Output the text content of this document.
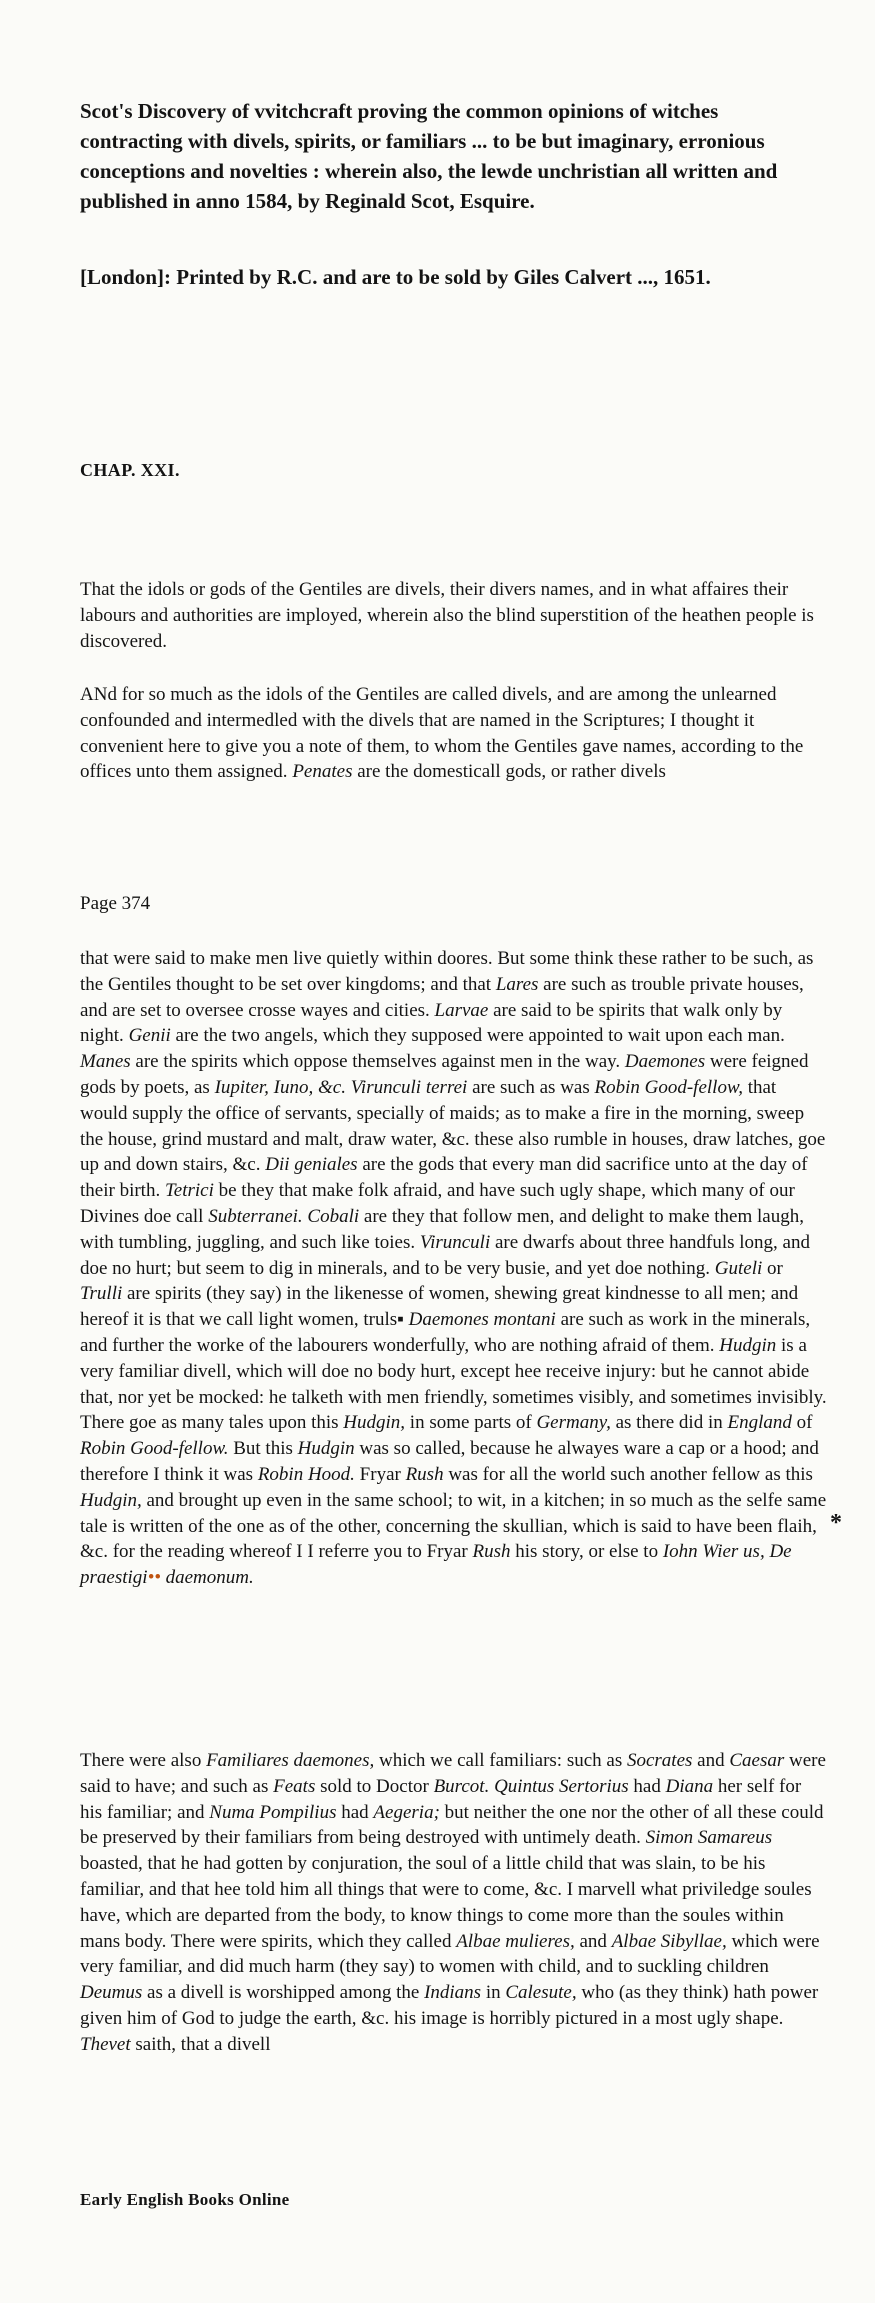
Scot's Discovery of vvitchcraft proving the common opinions of witches contracting with divels, spirits, or familiars ... to be but imaginary, erronious conceptions and novelties : wherein also, the lewde unchristian all written and published in anno 1584, by Reginald Scot, Esquire.
[London]: Printed by R.C. and are to be sold by Giles Calvert ..., 1651.
CHAP. XXI.
That the idols or gods of the Gentiles are divels, their divers names, and in what affaires their labours and authorities are imployed, wherein also the blind superstition of the heathen people is discovered.
ANd for so much as the idols of the Gentiles are called divels, and are among the unlearned confounded and intermedled with the divels that are named in the Scriptures; I thought it convenient here to give you a note of them, to whom the Gentiles gave names, according to the offices unto them assigned. Penates are the domesticall gods, or rather divels
Page 374
that were said to make men live quietly within doores. But some think these rather to be such, as the Gentiles thought to be set over kingdoms; and that Lares are such as trouble private houses, and are set to oversee crosse wayes and cities. Larvae are said to be spirits that walk only by night. Genii are the two angels, which they supposed were appointed to wait upon each man. Manes are the spirits which oppose themselves against men in the way. Daemones were feigned gods by poets, as Iupiter, Iuno, &c. Virunculi terrei are such as was Robin Good-fellow, that would supply the office of servants, specially of maids; as to make a fire in the morning, sweep the house, grind mustard and malt, draw water, &c. these also rumble in houses, draw latches, goe up and down stairs, &c. Dii geniales are the gods that every man did sacrifice unto at the day of their birth. Tetrici be they that make folk afraid, and have such ugly shape, which many of our Divines doe call Subterranei. Cobali are they that follow men, and delight to make them laugh, with tumbling, juggling, and such like toies. Virunculi are dwarfs about three handfuls long, and doe no hurt; but seem to dig in minerals, and to be very busie, and yet doe nothing. Guteli or Trulli are spirits (they say) in the likenesse of women, shewing great kindnesse to all men; and hereof it is that we call light women, truls▪ Daemones montani are such as work in the minerals, and further the worke of the labourers wonderfully, who are nothing afraid of them. Hudgin is a very familiar divell, which will doe no body hurt, except hee receive injury: but he cannot abide that, nor yet be mocked: he talketh with men friendly, sometimes visibly, and sometimes invisibly. There goe as many tales upon this Hudgin, in some parts of Germany, as there did in England of Robin Good-fellow. But this Hudgin was so called, because he alwayes ware a cap or a hood; and therefore I think it was Robin Hood. Fryar Rush was for all the world such another fellow as this Hudgin, and brought up even in the same school; to wit, in a kitchen; in so much as the selfe same tale is written of the one as of the other, concerning the skullian, which is said to have been flaih, &c. for the reading whereof I I referre you to Fryar Rush his story, or else to Iohn Wier us, De praestigi•• daemonum.
*
There were also Familiares daemones, which we call familiars: such as Socrates and Caesar were said to have; and such as Feats sold to Doctor Burcot. Quintus Sertorius had Diana her self for his familiar; and Numa Pompilius had Aegeria; but neither the one nor the other of all these could be preserved by their familiars from being destroyed with untimely death. Simon Samareus boasted, that he had gotten by conjuration, the soul of a little child that was slain, to be his familiar, and that hee told him all things that were to come, &c. I marvell what priviledge soules have, which are departed from the body, to know things to come more than the soules within mans body. There were spirits, which they called Albae mulieres, and Albae Sibyllae, which were very familiar, and did much harm (they say) to women with child, and to suckling children Deumus as a divell is worshipped among the Indians in Calesute, who (as they think) hath power given him of God to judge the earth, &c. his image is horribly pictured in a most ugly shape. Thevet saith, that a divell
Early English Books Online
